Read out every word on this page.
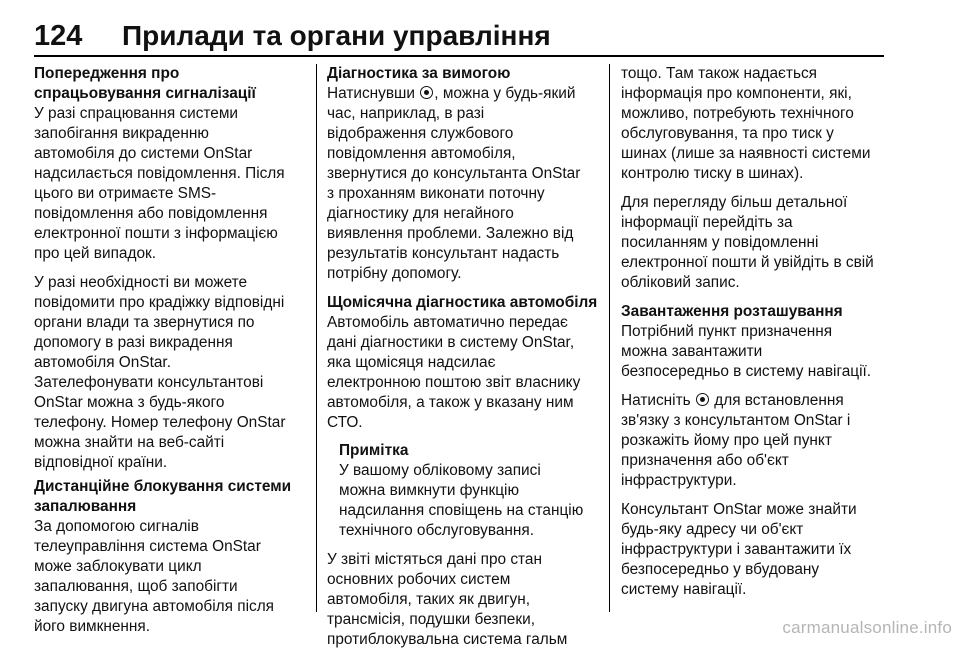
124 Прилади та органи управління
Попередження про
спрацьовування сигналізації
У разі спрацювання системи
запобігання викраденню
автомобіля до системи OnStar
надсилається повідомлення. Після
цього ви отримаєте SMS-
повідомлення або повідомлення
електронної пошти з інформацією
про цей випадок.
У разі необхідності ви можете
повідомити про крадіжку відповідні
органи влади та звернутися по
допомогу в разі викрадення
автомобіля OnStar.
Зателефонувати консультантові
OnStar можна з будь-якого
телефону. Номер телефону OnStar
можна знайти на веб-сайті
відповідної країни.
Дистанційне блокування системи
запалювання
За допомогою сигналів
телеуправління система OnStar
може заблокувати цикл
запалювання, щоб запобігти
запуску двигуна автомобіля після
його вимкнення.
Діагностика за вимогою
Натиснувши , можна у будь-який
час, наприклад, в разі
відображення службового
повідомлення автомобіля,
звернутися до консультанта OnStar
з проханням виконати поточну
діагностику для негайного
виявлення проблеми. Залежно від
результатів консультант надасть
потрібну допомогу.
Щомісячна діагностика автомобіля
Автомобіль автоматично передає
дані діагностики в систему OnStar,
яка щомісяця надсилає
електронною поштою звіт власнику
автомобіля, а також у вказану ним
СТО.
Примітка
У вашому обліковому записі
можна вимкнути функцію
надсилання сповіщень на станцію
технічного обслуговування.
У звіті містяться дані про стан
основних робочих систем
автомобіля, таких як двигун,
трансмісія, подушки безпеки,
протиблокувальна система гальм
тощо. Там також надається
інформація про компоненти, які,
можливо, потребують технічного
обслуговування, та про тиск у
шинах (лише за наявності системи
контролю тиску в шинах).
Для перегляду більш детальної
інформації перейдіть за
посиланням у повідомленні
електронної пошти й увійдіть в свій
обліковий запис.
Завантаження розташування
Потрібний пункт призначення
можна завантажити
безпосередньо в систему навігації.
Натисніть  для встановлення
зв'язку з консультантом OnStar і
розкажіть йому про цей пункт
призначення або об'єкт
інфраструктури.
Консультант OnStar може знайти
будь-яку адресу чи об'єкт
інфраструктури і завантажити їх
безпосередньо у вбудовану
систему навігації.
carmanualsonline.info
